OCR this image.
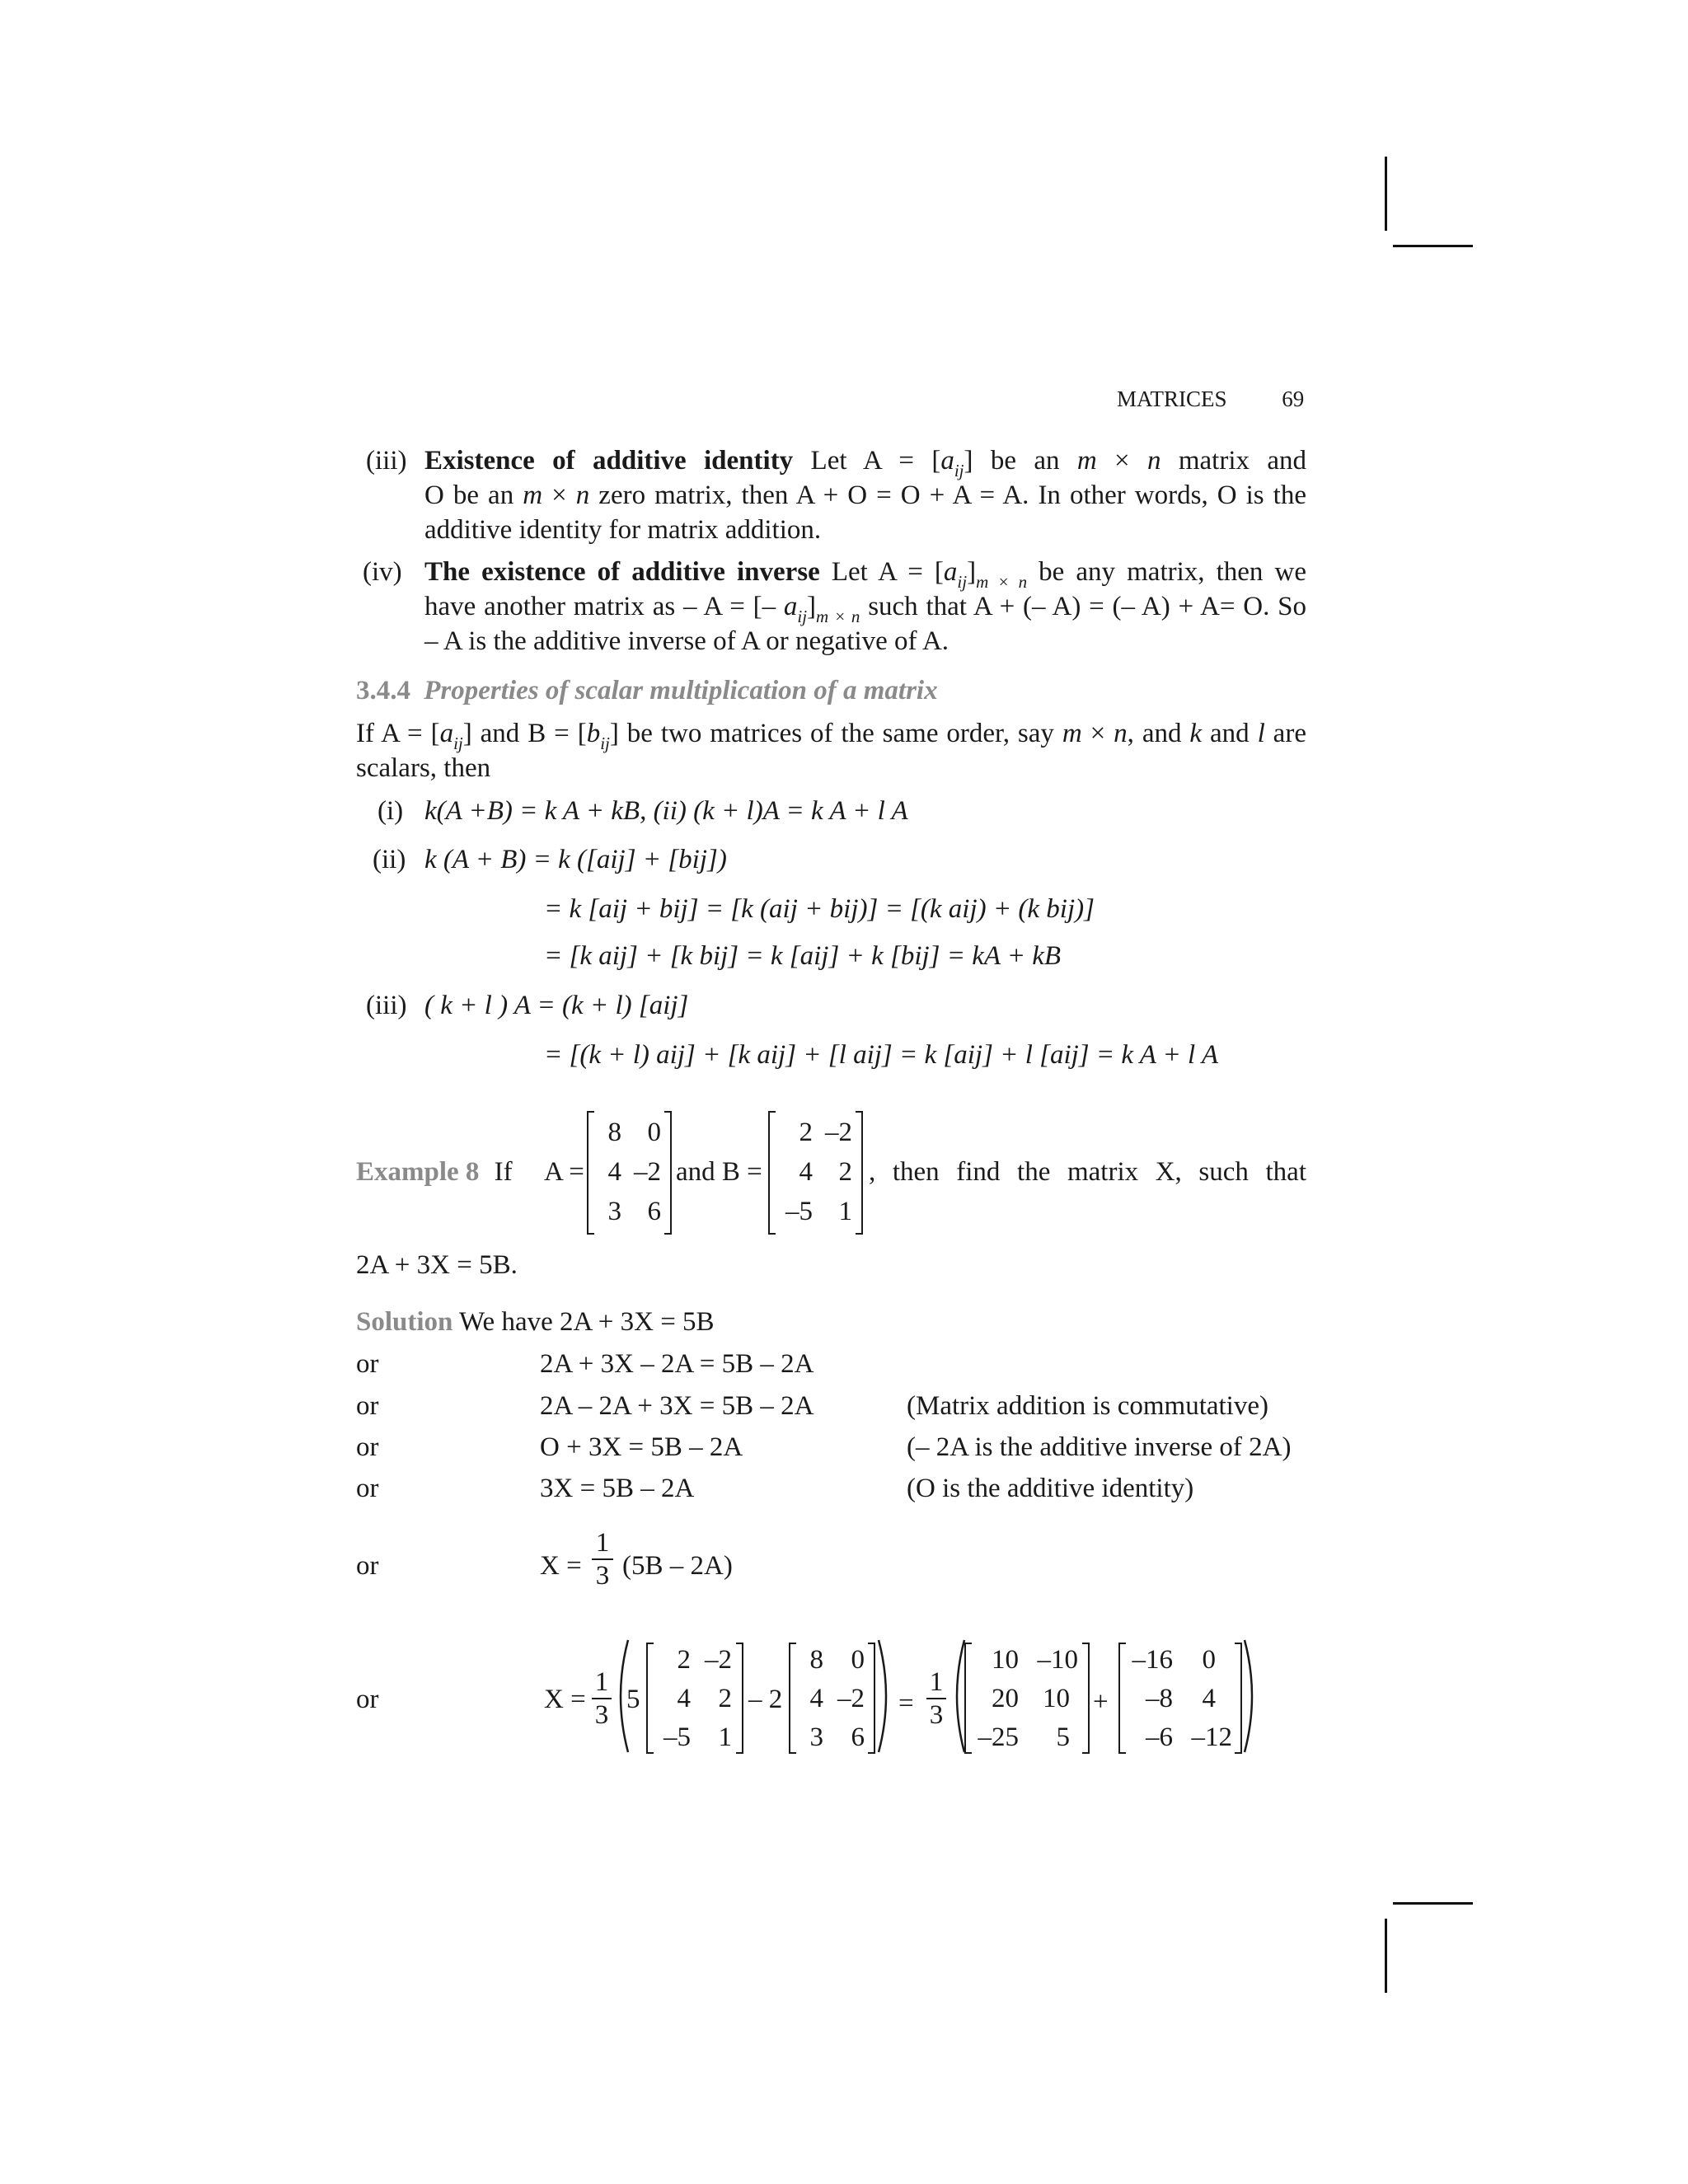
MATRICES 69
(iii) Existence of additive identity Let $A = [a_{ij}]$ be an m × n matrix and
O be an m × n zero matrix, then A + O = O + A = A. In other words, O is the
additive identity for matrix addition.
(iv) The existence of additive inverse Let $A = [a_{ij}]_{m \times n}$ be any matrix, then we
have another matrix as – A = [– $a_{ij}]_{m \times n}$ such that A + (– A) = (– A) + A= O. So
– A is the additive inverse of A or negative of A.
3.4.4 Properties of scalar multiplication of a matrix
If $A = [a_{ij}]$ and $B = [b_{ij}]$ be two matrices of the same order, say m × n, and k and l are
scalars, then
(i) k(A +B) = k A + kB, (ii) (k + l)A = k A + l A
(ii) k (A + B) = k ([aij] + [bij])
= k [aij + bij] = [k (aij + bij)] = [(k aij) + (k bij)]
= [k aij] + [k bij] = k [aij] + k [bij] = kA + kB
(iii) ( k + l ) A = (k + l) [aij]
= [(k + l) aij] + [k aij] + [l aij] = k [aij] + l [aij] = k A + l A
Example 8 If A =
8 0
4 –2
3 6
and B =
2 –2
4 2
–5 1
, then find the matrix X, such that
2A + 3X = 5B.
Solution We have 2A + 3X = 5B
or	2A + 3X – 2A = 5B – 2A
or	2A – 2A + 3X = 5B – 2A	(Matrix addition is commutative)
or	O + 3X = 5B – 2A	(– 2A is the additive inverse of 2A)
or	3X = 5B – 2A	(O is the additive identity)
or	$X = \frac{1}{3} (5B - 2A)$
or	$X = \frac{1}{3} 5$
2 –2
4	2
–5	1
– 2
8	0
4 –2
3	6
= $\frac{1}{3}$
10 –10
20 10
–25	5
+
–16	0
–8	4
–6 –12
